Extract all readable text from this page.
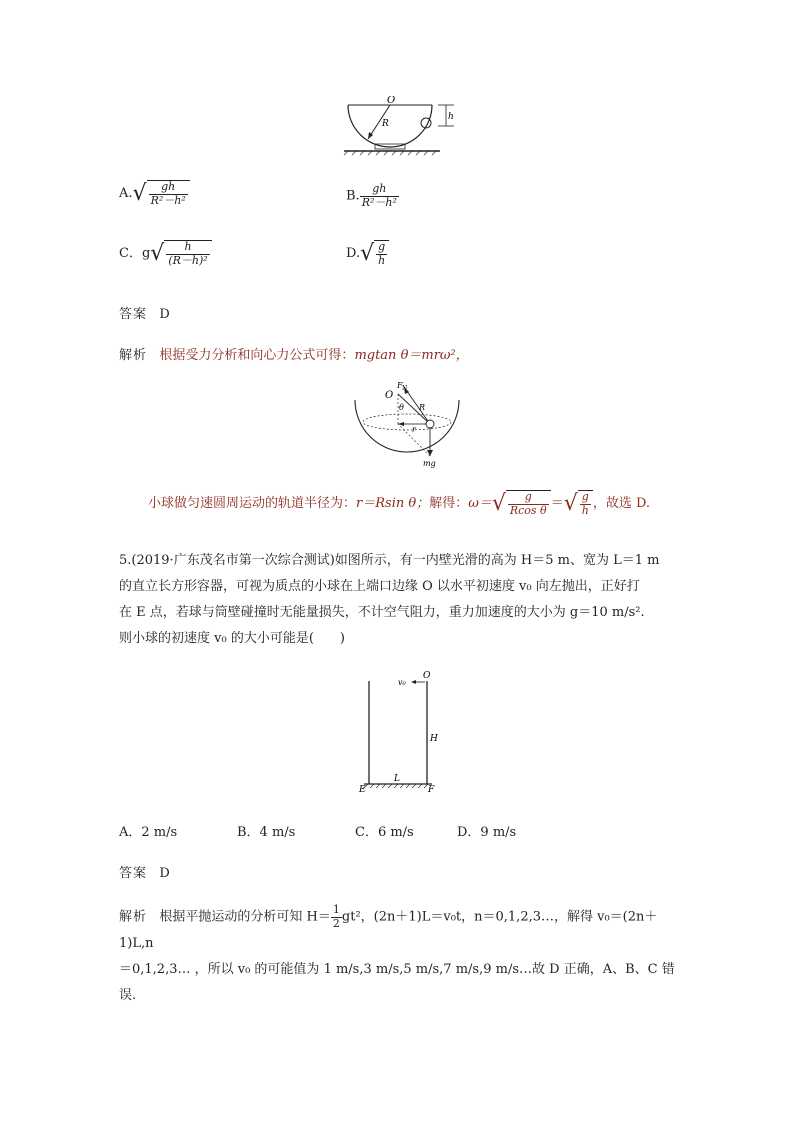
O
R
h
$A.√ \frac{gh}{\text{R²－h²}}$	B. $\frac{gh}{\text{R²－h²}}$
C．$g√ \frac{h}{\text{(R－h)²}}$	$D.√ \frac{g}{h}$
答案 D
解析 根据受力分析和向心力公式可得：mgtan θ＝mrω²，
O
F N
θ R
r
mg
小球做匀速圆周运动的轨道半径为：r＝Rsin θ；解得：$\omega=√ \frac{g}{\text{Rcos θ}}$ ＝√ $\frac{g}{h}$ ，故选 D.
5.(2019·广东茂名市第一次综合测试)如图所示，有一内壁光滑的高为 H＝5 m、宽为 L＝1 m
的直立长方形容器，可视为质点的小球在上端口边缘 O 以水平初速度 v₀ 向左抛出，正好打
在 E 点，若球与筒壁碰撞时无能量损失，不计空气阻力，重力加速度的大小为 g＝10 m/s².
则小球的初速度 v₀ 的大小可能是(　　)
v₀
O
H
L
E	F
A．2 m/s	B．4 m/s	C．6 m/s	D．9 m/s
答案 D
解析 根据平抛运动的分析可知 $H= \frac{1}{2} gt^2$，(2n＋1)L＝v₀t，n＝0,1,2,3…，解得 v₀＝(2n＋1)L,n
＝0,1,2,3… ，所以 v₀ 的可能值为 1 m/s,3 m/s,5 m/s,7 m/s,9 m/s…故 D 正确，A、B、C 错
误.
